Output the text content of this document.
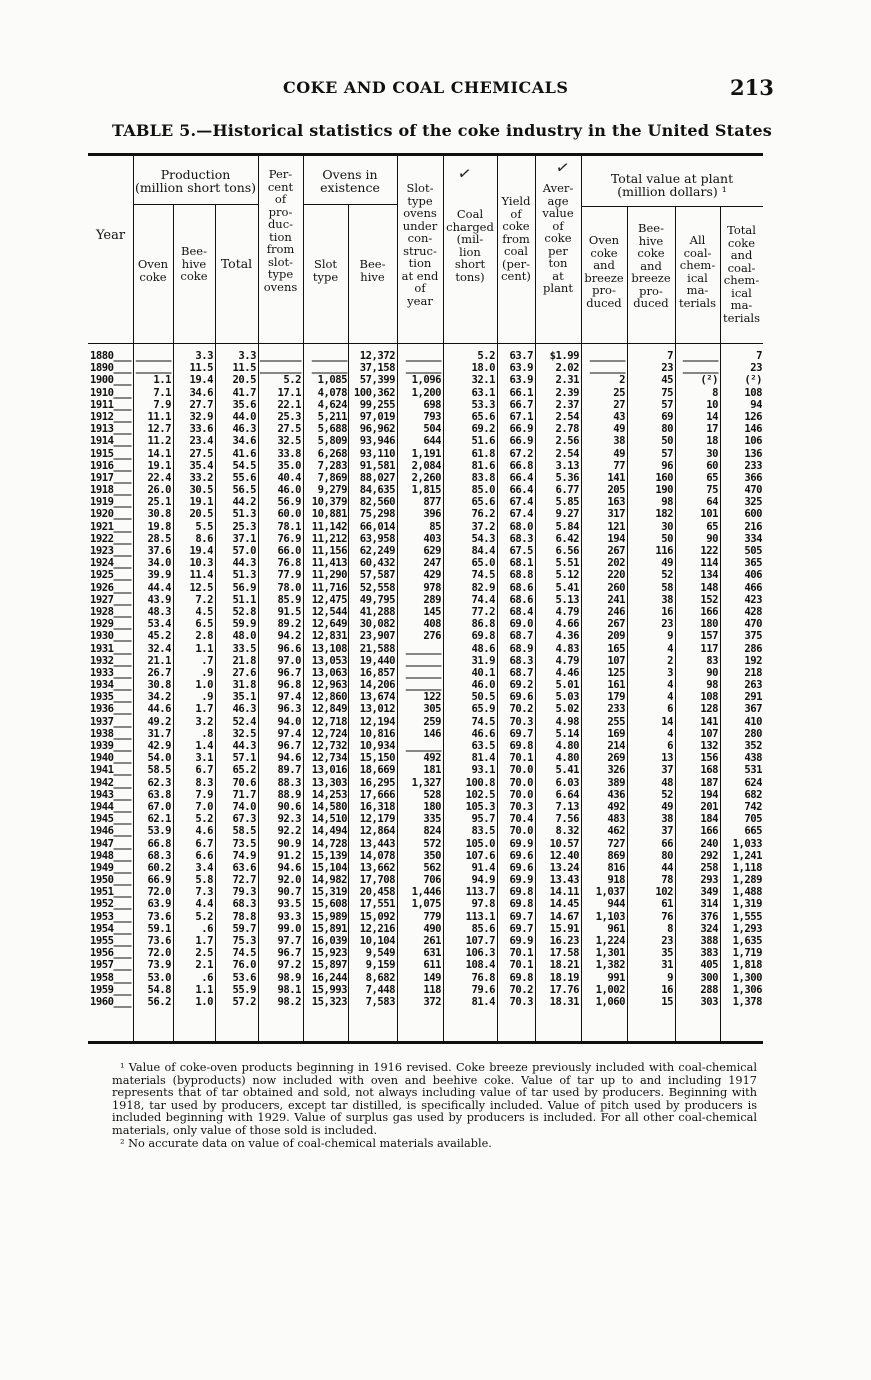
COKE AND COAL CHEMICALS	213
TABLE 5.—Historical statistics of the coke industry in the United States
Year
Production
(million short tons)
Oven
coke
Bee-
hive
coke
Total
Per-
cent
of
pro-
duc-
tion
from
slot-
type
ovens
Ovens in
existence
Slot
type
Bee-
hive
Slot-
type
ovens
under
con-
struc-
tion
at end
of
year
Coal
charged
(mil-
lion
short
tons)
Yield
of
coke
from
coal
(per-
cent)
Aver-
age
value
of
coke
per
ton
at
plant
Total value at plant
(million dollars) ¹
Oven
coke
and
breeze
pro-
duced
Bee-
hive
coke
and
breeze
pro-
duced
All
coal-
chem-
ical
ma-
terials
Total
coke
and
coal-
chem-
ical
ma-
terials
✓	✓
1880___
1890___
1900___
1910___
1911___
1912___
1913___
1914___
1915___
1916___
1917___
1918___
1919___
1920___
1921___
1922___
1923___
1924___
1925___
1926___
1927___
1928___
1929___
1930___
1931___
1932___
1933___
1934___
1935___
1936___
1937___
1938___
1939___
1940___
1941___
1942___
1943___
1944___
1945___
1946___
1947___
1948___
1949___
1950___
1951___
1952___
1953___
1954___
1955___
1956___
1957___
1958___
1959___
1960___
______
______
1.1
7.1
7.9
11.1
12.7
11.2
14.1
19.1
22.4
26.0
25.1
30.8
19.8
28.5
37.6
34.0
39.9
44.4
43.9
48.3
53.4
45.2
32.4
21.1
26.7
30.8
34.2
44.6
49.2
31.7
42.9
54.0
58.5
62.3
63.8
67.0
62.1
53.9
66.8
68.3
60.2
66.9
72.0
63.9
73.6
59.1
73.6
72.0
73.9
53.0
54.8
56.2
3.3
11.5
19.4
34.6
27.7
32.9
33.6
23.4
27.5
35.4
33.2
30.5
19.1
20.5
5.5
8.6
19.4
10.3
11.4
12.5
7.2
4.5
6.5
2.8
1.1
.7
.9
1.0
.9
1.7
3.2
.8
1.4
3.1
6.7
8.3
7.9
7.0
5.2
4.6
6.7
6.6
3.4
5.8
7.3
4.4
5.2
.6
1.7
2.5
2.1
.6
1.1
1.0
3.3
11.5
20.5
41.7
35.6
44.0
46.3
34.6
41.6
54.5
55.6
56.5
44.2
51.3
25.3
37.1
57.0
44.3
51.3
56.9
51.1
52.8
59.9
48.0
33.5
21.8
27.6
31.8
35.1
46.3
52.4
32.5
44.3
57.1
65.2
70.6
71.7
74.0
67.3
58.5
73.5
74.9
63.6
72.7
79.3
68.3
78.8
59.7
75.3
74.5
76.0
53.6
55.9
57.2
_______
_______
5.2
17.1
22.1
25.3
27.5
32.5
33.8
35.0
40.4
46.0
56.9
60.0
78.1
76.9
66.0
76.8
77.9
78.0
85.9
91.5
89.2
94.2
96.6
97.0
96.7
96.8
97.4
96.3
94.0
97.4
96.7
94.6
89.7
88.3
88.9
90.6
92.3
92.2
90.9
91.2
94.6
92.0
90.7
93.5
93.3
99.0
97.7
96.7
97.2
98.9
98.1
98.2
______
______
1,085
4,078
4,624
5,211
5,688
5,809
6,268
7,283
7,869
9,279
10,379
10,881
11,142
11,212
11,156
11,413
11,290
11,716
12,475
12,544
12,649
12,831
13,108
13,053
13,063
12,963
12,860
12,849
12,718
12,724
12,732
12,734
13,016
13,303
14,253
14,580
14,510
14,494
14,728
15,139
15,104
14,982
15,319
15,608
15,989
15,891
16,039
15,923
15,897
16,244
15,993
15,323
12,372
37,158
57,399
100,362
99,255
97,019
96,962
93,946
93,110
91,581
88,027
84,635
82,560
75,298
66,014
63,958
62,249
60,432
57,587
52,558
49,795
41,288
30,082
23,907
21,588
19,440
16,857
14,206
13,674
13,012
12,194
10,816
10,934
15,150
18,669
16,295
17,666
16,318
12,179
12,864
13,443
14,078
13,662
17,708
20,458
17,551
15,092
12,216
10,104
9,549
9,159
8,682
7,448
7,583
______
______
1,096
1,200
698
793
504
644
1,191
2,084
2,260
1,815
877
396
85
403
629
247
429
978
289
145
408
276
______
______
______
______
122
305
259
146
______
492
181
1,327
528
180
335
824
572
350
562
706
1,446
1,075
779
490
261
631
611
149
118
372
5.2
18.0
32.1
63.1
53.3
65.6
69.2
51.6
61.8
81.6
83.8
85.0
65.6
76.2
37.2
54.3
84.4
65.0
74.5
82.9
74.4
77.2
86.8
69.8
48.6
31.9
40.1
46.0
50.5
65.9
74.5
46.6
63.5
81.4
93.1
100.8
102.5
105.3
95.7
83.5
105.0
107.6
91.4
94.9
113.7
97.8
113.1
85.6
107.7
106.3
108.4
76.8
79.6
81.4
63.7
63.9
63.9
66.1
66.7
67.1
66.9
66.9
67.2
66.8
66.4
66.4
67.4
67.4
68.0
68.3
67.5
68.1
68.8
68.6
68.6
68.4
69.0
68.7
68.9
68.3
68.7
69.2
69.6
70.2
70.3
69.7
69.8
70.1
70.0
70.0
70.0
70.3
70.4
70.0
69.9
69.6
69.6
69.9
69.8
69.8
69.7
69.7
69.9
70.1
70.1
69.8
70.2
70.3
$1.99
2.02
2.31
2.39
2.37
2.54
2.78
2.56
2.54
3.13
5.36
6.77
5.85
9.27
5.84
6.42
6.56
5.51
5.12
5.41
5.13
4.79
4.66
4.36
4.83
4.79
4.46
5.01
5.03
5.02
4.98
5.14
4.80
4.80
5.41
6.03
6.64
7.13
7.56
8.32
10.57
12.40
13.24
13.43
14.11
14.45
14.67
15.91
16.23
17.58
18.21
18.19
17.76
18.31
______
______
2
25
27
43
49
38
49
77
141
205
163
317
121
194
267
202
220
260
241
246
267
209
165
107
125
161
179
233
255
169
214
269
326
389
436
492
483
462
727
869
816
918
1,037
944
1,103
961
1,224
1,301
1,382
991
1,002
1,060
7
23
45
75
57
69
80
50
57
96
160
190
98
182
30
50
116
49
52
58
38
16
23
9
4
2
3
4
4
6
14
4
6
13
37
48
52
49
38
37
66
80
44
78
102
61
76
8
23
35
31
9
16
15
______
______
(²)
8
10
14
17
18
30
60
65
75
64
101
65
90
122
114
134
148
152
166
180
157
117
83
90
98
108
128
141
107
132
156
168
187
194
201
184
166
240
292
258
293
349
314
376
324
388
383
405
300
288
303
7
23
(²)
108
94
126
146
106
136
233
366
470
325
600
216
334
505
365
406
466
423
428
470
375
286
192
218
263
291
367
410
280
352
438
531
624
682
742
705
665
1,033
1,241
1,118
1,289
1,488
1,319
1,555
1,293
1,635
1,719
1,818
1,300
1,306
1,378

¹ Value of coke-oven products beginning in 1916 revised. Coke breeze previously included with coal-chemical materials (byproducts) now included with oven and beehive coke. Value of tar up to and including 1917 represents that of tar obtained and sold, not always including value of tar used by producers. Beginning with 1918, tar used by producers, except tar distilled, is specifically included. Value of pitch used by producers is included beginning with 1929. Value of surplus gas used by producers is included. For all other coal-chemical materials, only value of those sold is included.

² No accurate data on value of coal-chemical materials available.
